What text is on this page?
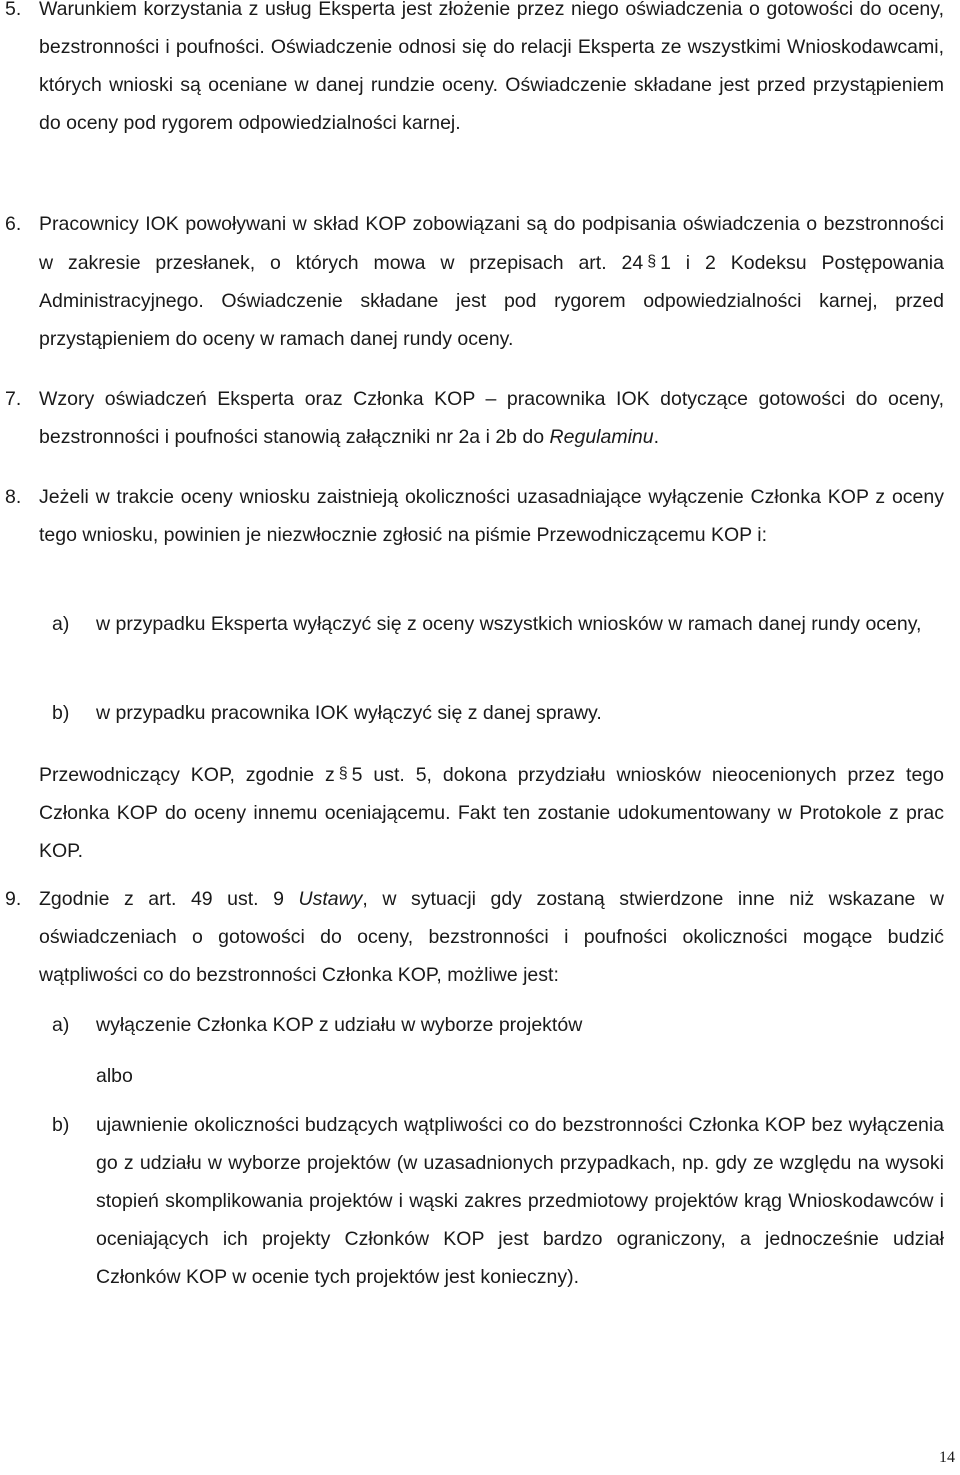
5. Warunkiem korzystania z usług Eksperta jest złożenie przez niego oświadczenia o gotowości do oceny, bezstronności i poufności. Oświadczenie odnosi się do relacji Eksperta ze wszystkimi Wnioskodawcami, których wnioski są oceniane w danej rundzie oceny. Oświadczenie składane jest przed przystąpieniem do oceny pod rygorem odpowiedzialności karnej.
6. Pracownicy IOK powoływani w skład KOP zobowiązani są do podpisania oświadczenia o bezstronności w zakresie przesłanek, o których mowa w przepisach art. 24 § 1 i 2 Kodeksu Postępowania Administracyjnego. Oświadczenie składane jest pod rygorem odpowiedzialności karnej, przed przystąpieniem do oceny w ramach danej rundy oceny.
7. Wzory oświadczeń Eksperta oraz Członka KOP – pracownika IOK dotyczące gotowości do oceny, bezstronności i poufności stanowią załączniki nr 2a i 2b do Regulaminu.
8. Jeżeli w trakcie oceny wniosku zaistnieją okoliczności uzasadniające wyłączenie Członka KOP z oceny tego wniosku, powinien je niezwłocznie zgłosić na piśmie Przewodniczącemu KOP i:
a) w przypadku Eksperta wyłączyć się z oceny wszystkich wniosków w ramach danej rundy oceny,
b) w przypadku pracownika IOK wyłączyć się z danej sprawy.
Przewodniczący KOP, zgodnie z § 5 ust. 5, dokona przydziału wniosków nieocenionych przez tego Członka KOP do oceny innemu oceniającemu. Fakt ten zostanie udokumentowany w Protokole z prac KOP.
9. Zgodnie z art. 49 ust. 9 Ustawy, w sytuacji gdy zostaną stwierdzone inne niż wskazane w oświadczeniach o gotowości do oceny, bezstronności i poufności okoliczności mogące budzić wątpliwości co do bezstronności Członka KOP, możliwe jest:
a) wyłączenie Członka KOP z udziału w wyborze projektów
albo
b) ujawnienie okoliczności budzących wątpliwości co do bezstronności Członka KOP bez wyłączenia go z udziału w wyborze projektów (w uzasadnionych przypadkach, np. gdy ze względu na wysoki stopień skomplikowania projektów i wąski zakres przedmiotowy projektów krąg Wnioskodawców i oceniających ich projekty Członków KOP jest bardzo ograniczony, a jednocześnie udział Członków KOP w ocenie tych projektów jest konieczny).
14
